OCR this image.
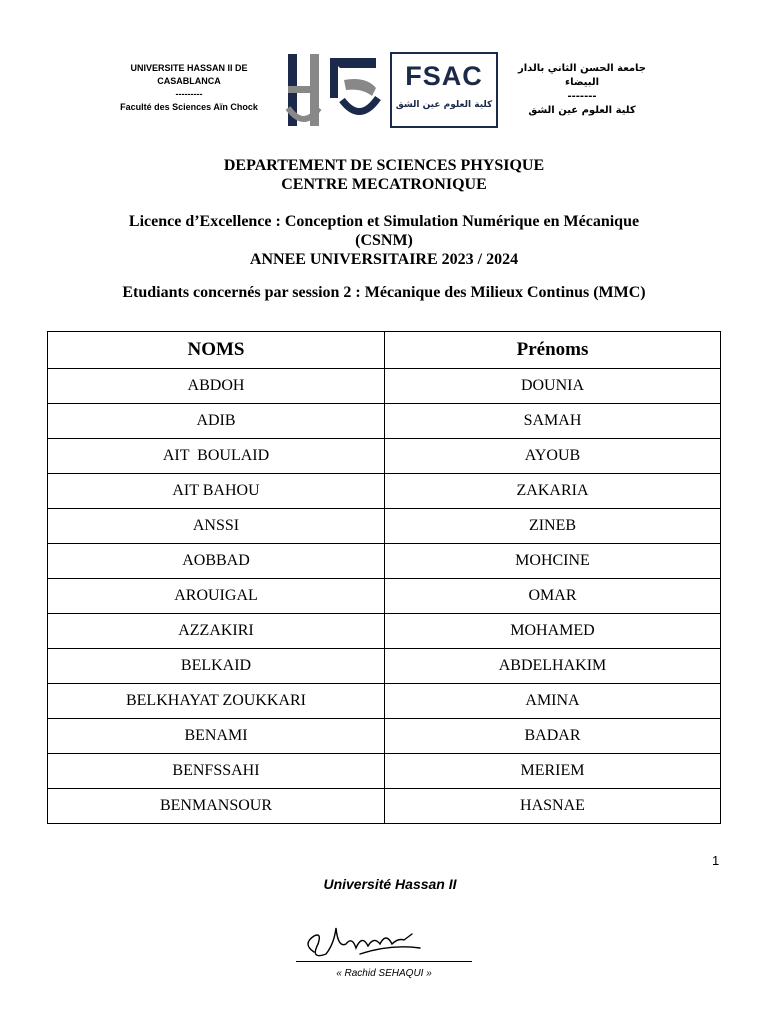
UNIVERSITE HASSAN II DE CASABLANCA
---------
Faculté des Sciences Aïn Chock
FSAC
كلية العلوم عين الشق
جامعة الحسن الثاني بالدار البيضاء
-------
كلية العلوم عين الشق
DEPARTEMENT DE SCIENCES PHYSIQUE
CENTRE MECATRONIQUE
Licence d’Excellence : Conception et Simulation Numérique en Mécanique
(CSNM)
ANNEE UNIVERSITAIRE 2023 / 2024
Etudiants concernés par session 2 : Mécanique des Milieux Continus (MMC)
NOMS	Prénoms
ABDOH	DOUNIA
ADIB	SAMAH
AIT  BOULAID	AYOUB
AIT BAHOU	ZAKARIA
ANSSI	ZINEB
AOBBAD	MOHCINE
AROUIGAL	OMAR
AZZAKIRI	MOHAMED
BELKAID	ABDELHAKIM
BELKHAYAT ZOUKKARI	AMINA
BENAMI	BADAR
BENFSSAHI	MERIEM
BENMANSOUR	HASNAE
1
Université Hassan II
« Rachid SEHAQUI »
